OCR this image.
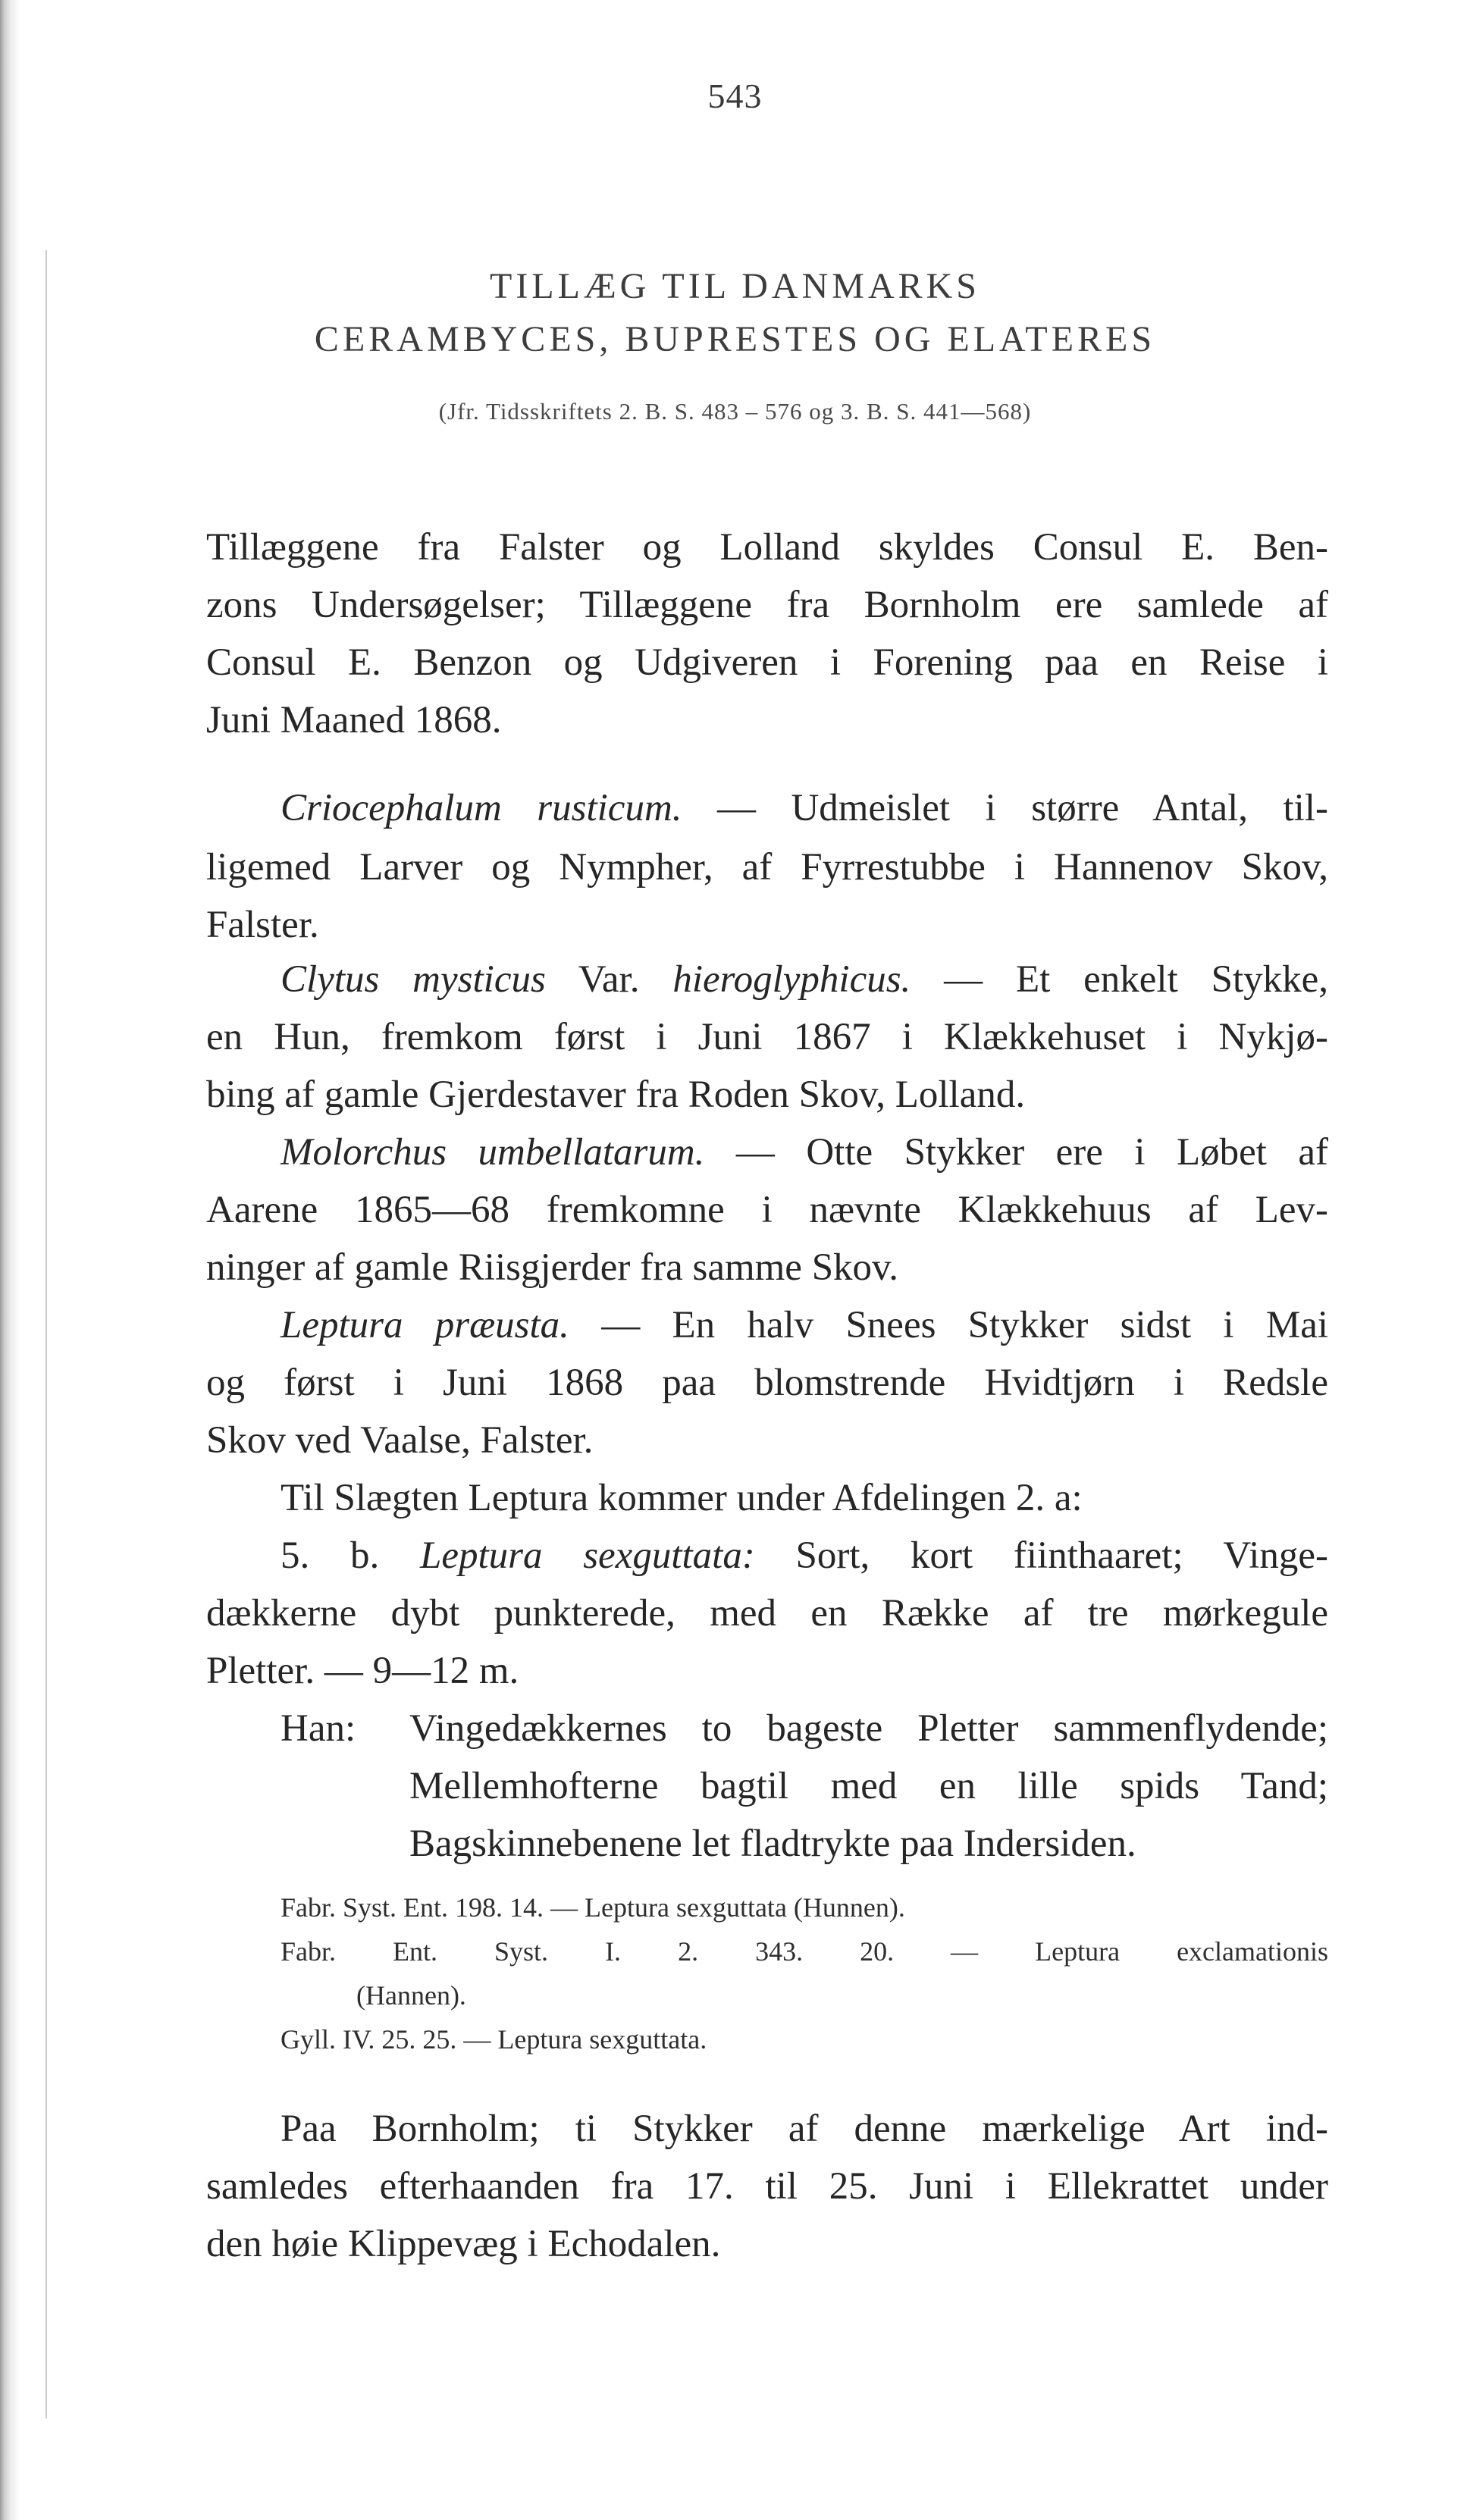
543
TILLÆG TIL DANMARKS
CERAMBYCES, BUPRESTES OG ELATERES
(Jfr. Tidsskriftets 2. B. S. 483 – 576 og 3. B. S. 441—568)
Tillæggene fra Falster og Lolland skyldes Consul E. Ben-
zons Undersøgelser; Tillæggene fra Bornholm ere samlede af
Consul E. Benzon og Udgiveren i Forening paa en Reise i
Juni Maaned 1868.
Criocephalum rusticum. — Udmeislet i større Antal, til-
ligemed Larver og Nympher, af Fyrrestubbe i Hannenov Skov,
Falster.
Clytus mysticus Var. hieroglyphicus. — Et enkelt Stykke,
en Hun, fremkom først i Juni 1867 i Klækkehuset i Nykjø-
bing af gamle Gjerdestaver fra Roden Skov, Lolland.
Molorchus umbellatarum. — Otte Stykker ere i Løbet af
Aarene 1865—68 fremkomne i nævnte Klækkehuus af Lev-
ninger af gamle Riisgjerder fra samme Skov.
Leptura præusta. — En halv Snees Stykker sidst i Mai
og først i Juni 1868 paa blomstrende Hvidtjørn i Redsle
Skov ved Vaalse, Falster.
Til Slægten Leptura kommer under Afdelingen 2. a:
5. b. Leptura sexguttata: Sort, kort fiinthaaret; Vinge-
dækkerne dybt punkterede, med en Række af tre mørkegule
Pletter. — 9—12 m.
Han:	Vingedækkernes to bageste Pletter sammenflydende;
Mellemhofterne bagtil med en lille spids Tand;
Bagskinnebenene let fladtrykte paa Indersiden.
Fabr. Syst. Ent. 198. 14. — Leptura sexguttata (Hunnen).
Fabr. Ent. Syst. I. 2. 343. 20. — Leptura exclamationis
(Hannen).
Gyll. IV. 25. 25. — Leptura sexguttata.
Paa Bornholm; ti Stykker af denne mærkelige Art ind-
samledes efterhaanden fra 17. til 25. Juni i Ellekrattet under
den høie Klippevæg i Echodalen.
